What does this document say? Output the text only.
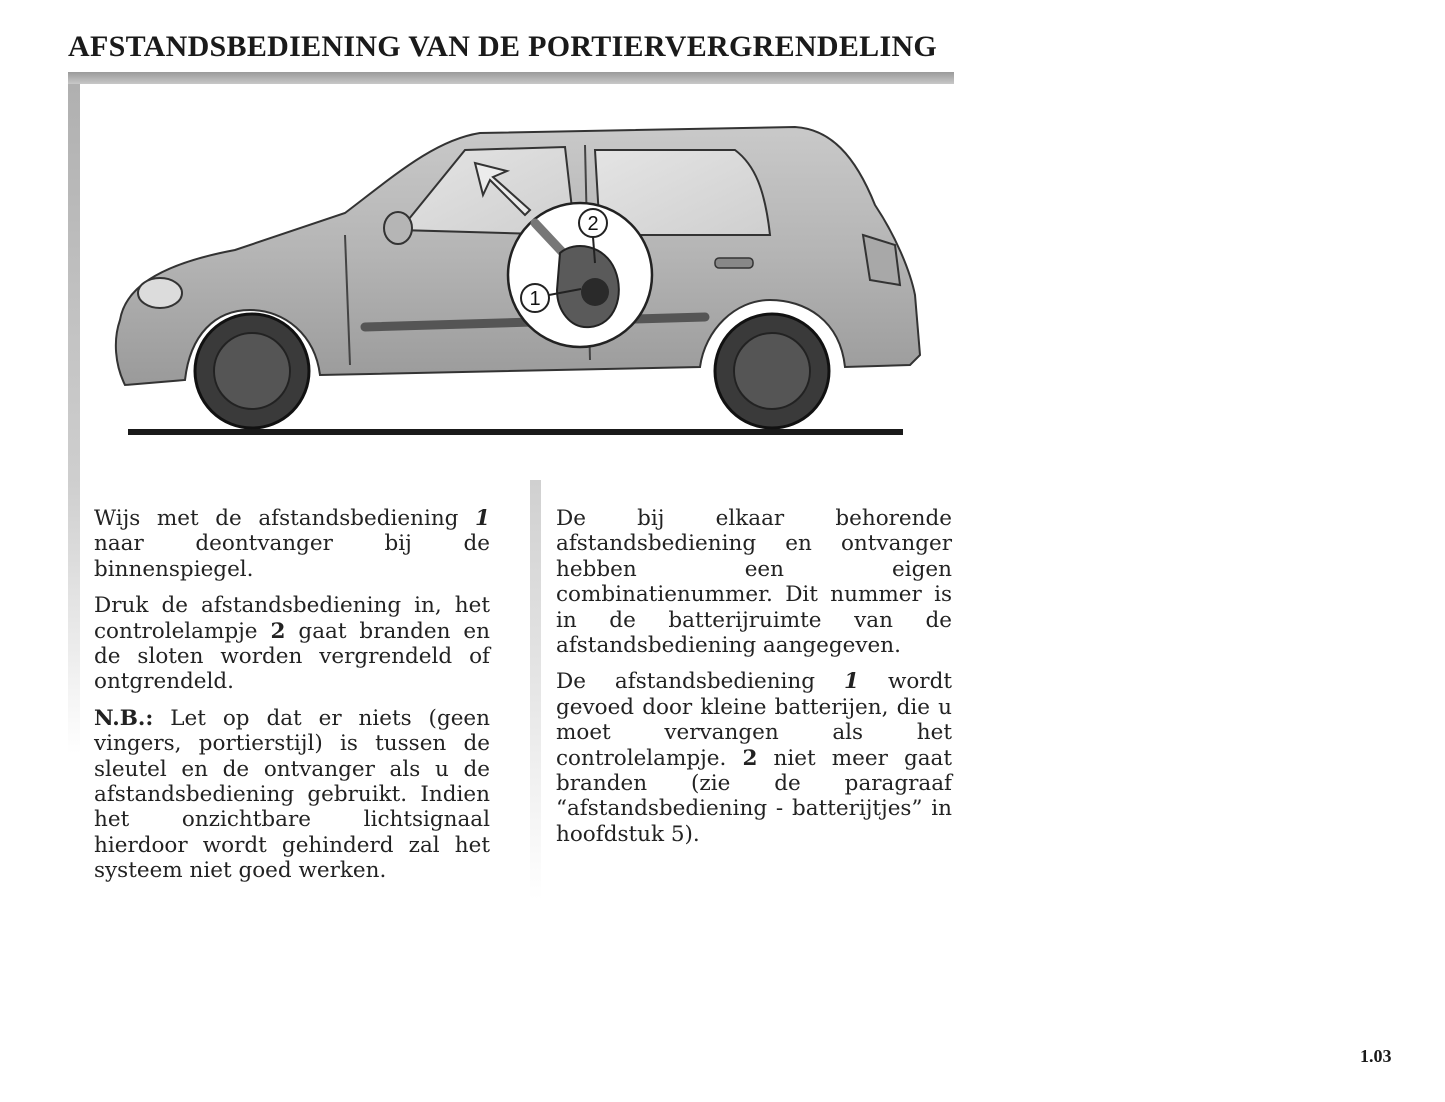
AFSTANDSBEDIENING VAN DE PORTIERVERGRENDELING
1
2

Wijs met de afstandsbediening 1 naar deontvanger bij de binnenspiegel.

Druk de afstandsbediening in, het controlelampje 2 gaat branden en de sloten worden vergrendeld of ontgrendeld.

N.B.: Let op dat er niets (geen vingers, portierstijl) is tussen de sleutel en de ontvanger als u de afstandsbediening gebruikt. Indien het onzichtbare lichtsignaal hierdoor wordt gehinderd zal het systeem niet goed werken.

De bij elkaar behorende afstandsbediening en ontvanger hebben een eigen combinatienummer. Dit nummer is in de batterijruimte van de afstandsbediening aangegeven.

De afstandsbediening 1 wordt gevoed door kleine batterijen, die u moet vervangen als het controlelampje. 2 niet meer gaat branden (zie de paragraaf “afstandsbediening - batterijtjes” in hoofdstuk 5).

1.03
